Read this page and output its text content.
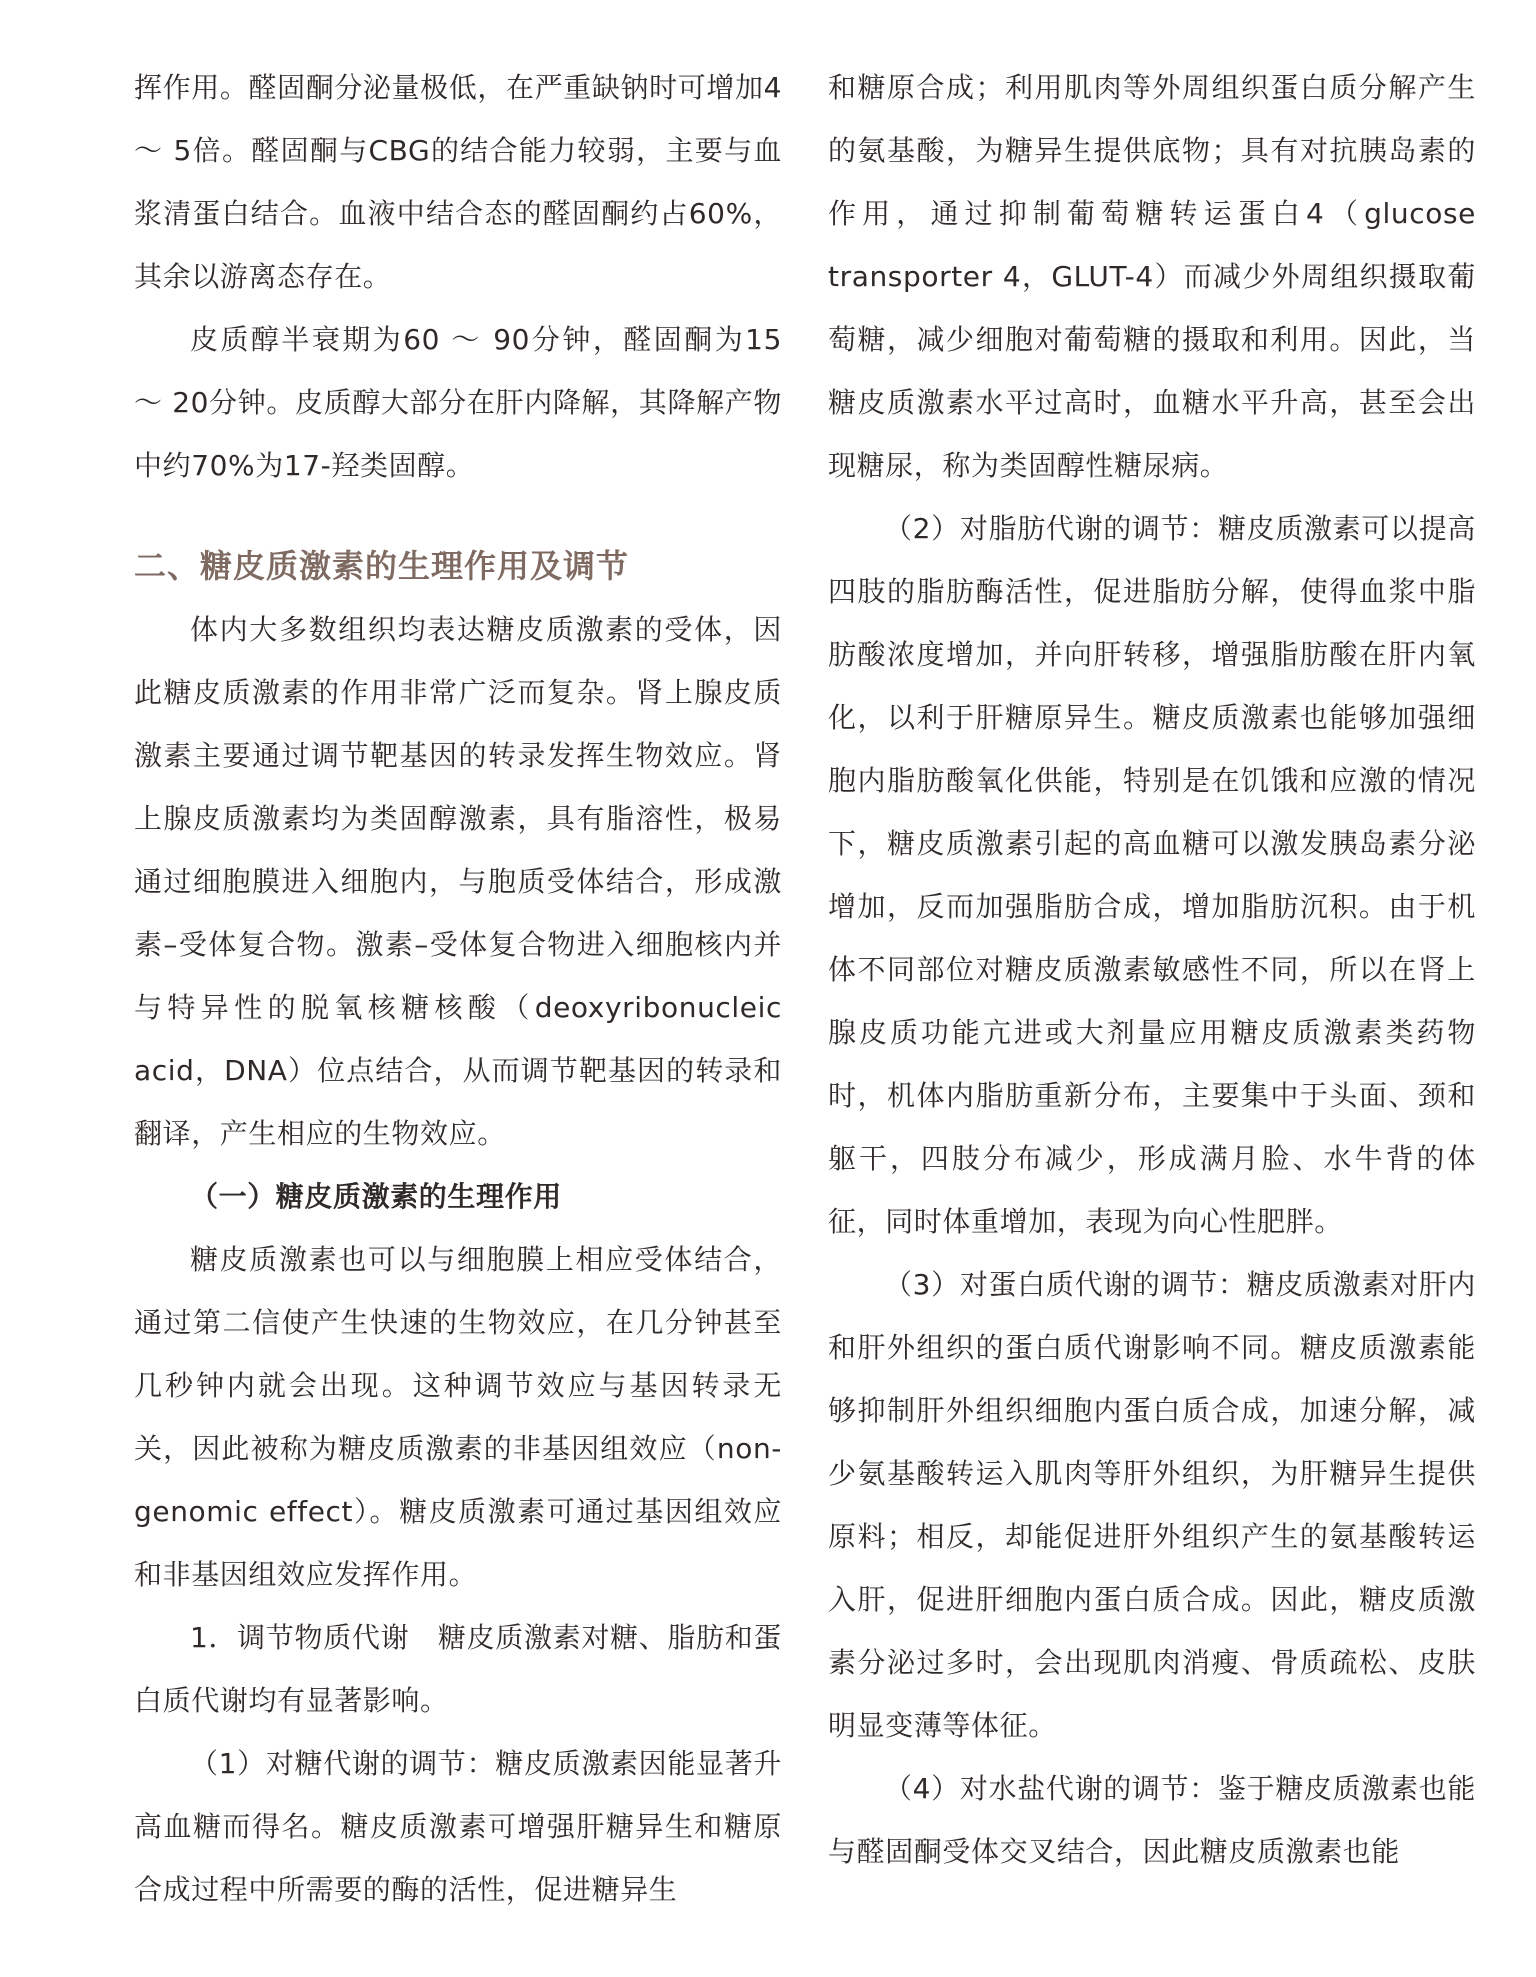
挥作用。醛固酮分泌量极低，在严重缺钠时可增加4 ～ 5倍。醛固酮与CBG的结合能力较弱，主要与血浆清蛋白结合。血液中结合态的醛固酮约占60%，其余以游离态存在。

皮质醇半衰期为60 ～ 90分钟，醛固酮为15 ～ 20分钟。皮质醇大部分在肝内降解，其降解产物中约70%为17-羟类固醇。

二、糖皮质激素的生理作用及调节

体内大多数组织均表达糖皮质激素的受体，因此糖皮质激素的作用非常广泛而复杂。肾上腺皮质激素主要通过调节靶基因的转录发挥生物效应。肾上腺皮质激素均为类固醇激素，具有脂溶性，极易通过细胞膜进入细胞内，与胞质受体结合，形成激素–受体复合物。激素–受体复合物进入细胞核内并与特异性的脱氧核糖核酸（deoxyribonucleic acid，DNA）位点结合，从而调节靶基因的转录和翻译，产生相应的生物效应。

（一）糖皮质激素的生理作用

糖皮质激素也可以与细胞膜上相应受体结合，通过第二信使产生快速的生物效应，在几分钟甚至几秒钟内就会出现。这种调节效应与基因转录无关，因此被称为糖皮质激素的非基因组效应（non-genomic effect）。糖皮质激素可通过基因组效应和非基因组效应发挥作用。

1．调节物质代谢　糖皮质激素对糖、脂肪和蛋白质代谢均有显著影响。

（1）对糖代谢的调节：糖皮质激素因能显著升高血糖而得名。糖皮质激素可增强肝糖异生和糖原合成过程中所需要的酶的活性，促进糖异生

和糖原合成；利用肌肉等外周组织蛋白质分解产生的氨基酸，为糖异生提供底物；具有对抗胰岛素的作用，通过抑制葡萄糖转运蛋白4（glucose transporter 4，GLUT-4）而减少外周组织摄取葡萄糖，减少细胞对葡萄糖的摄取和利用。因此，当糖皮质激素水平过高时，血糖水平升高，甚至会出现糖尿，称为类固醇性糖尿病。

（2）对脂肪代谢的调节：糖皮质激素可以提高四肢的脂肪酶活性，促进脂肪分解，使得血浆中脂肪酸浓度增加，并向肝转移，增强脂肪酸在肝内氧化，以利于肝糖原异生。糖皮质激素也能够加强细胞内脂肪酸氧化供能，特别是在饥饿和应激的情况下，糖皮质激素引起的高血糖可以激发胰岛素分泌增加，反而加强脂肪合成，增加脂肪沉积。由于机体不同部位对糖皮质激素敏感性不同，所以在肾上腺皮质功能亢进或大剂量应用糖皮质激素类药物时，机体内脂肪重新分布，主要集中于头面、颈和躯干，四肢分布减少，形成满月脸、水牛背的体征，同时体重增加，表现为向心性肥胖。

（3）对蛋白质代谢的调节：糖皮质激素对肝内和肝外组织的蛋白质代谢影响不同。糖皮质激素能够抑制肝外组织细胞内蛋白质合成，加速分解，减少氨基酸转运入肌肉等肝外组织，为肝糖异生提供原料；相反，却能促进肝外组织产生的氨基酸转运入肝，促进肝细胞内蛋白质合成。因此，糖皮质激素分泌过多时，会出现肌肉消瘦、骨质疏松、皮肤明显变薄等体征。

（4）对水盐代谢的调节：鉴于糖皮质激素也能与醛固酮受体交叉结合，因此糖皮质激素也能
